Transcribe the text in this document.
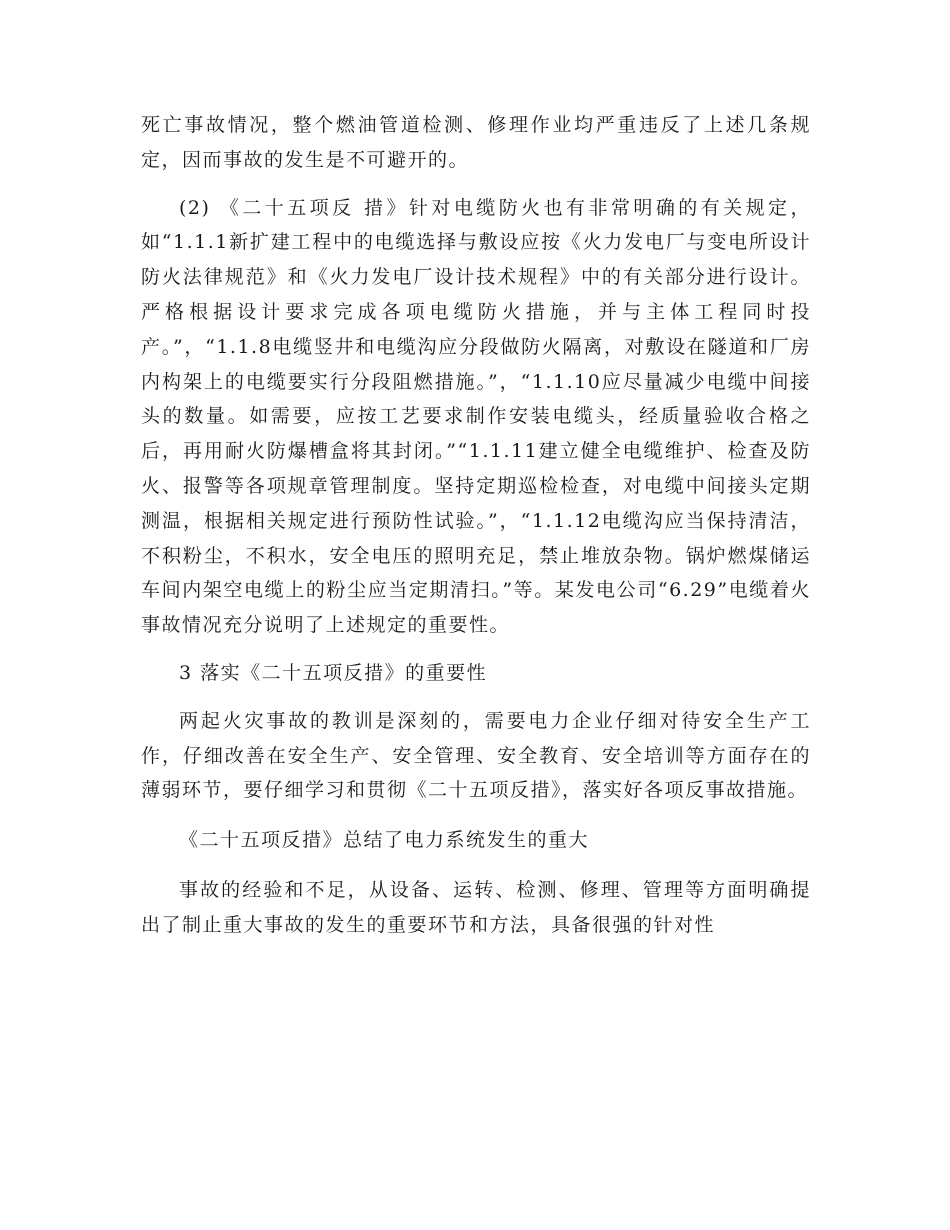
死亡事故情况，整个燃油管道检测、修理作业均严重违反了上述几条规定，因而事故的发生是不可避开的。

(2) 《二十五项反 措》针对电缆防火也有非常明确的有关规定，如“1.1.1新扩建工程中的电缆选择与敷设应按《火力发电厂与变电所设计防火法律规范》和《火力发电厂设计技术规程》中的有关部分进行设计。严格根据设计要求完成各项电缆防火措施，并与主体工程同时投产。”，“1.1.8电缆竖井和电缆沟应分段做防火隔离，对敷设在隧道和厂房内构架上的电缆要实行分段阻燃措施。”，“1.1.10应尽量减少电缆中间接头的数量。如需要，应按工艺要求制作安装电缆头，经质量验收合格之后，再用耐火防爆槽盒将其封闭。”“1.1.11建立健全电缆维护、检查及防火、报警等各项规章管理制度。坚持定期巡检检查，对电缆中间接头定期测温，根据相关规定进行预防性试验。”，“1.1.12电缆沟应当保持清洁，不积粉尘，不积水，安全电压的照明充足，禁止堆放杂物。锅炉燃煤储运车间内架空电缆上的粉尘应当定期清扫。”等。某发电公司“6.29”电缆着火事故情况充分说明了上述规定的重要性。

3 落实《二十五项反措》的重要性

两起火灾事故的教训是深刻的，需要电力企业仔细对待安全生产工作，仔细改善在安全生产、安全管理、安全教育、安全培训等方面存在的薄弱环节，要仔细学习和贯彻《二十五项反措》，落实好各项反事故措施。

《二十五项反措》总结了电力系统发生的重大

事故的经验和不足，从设备、运转、检测、修理、管理等方面明确提出了制止重大事故的发生的重要环节和方法，具备很强的针对性
